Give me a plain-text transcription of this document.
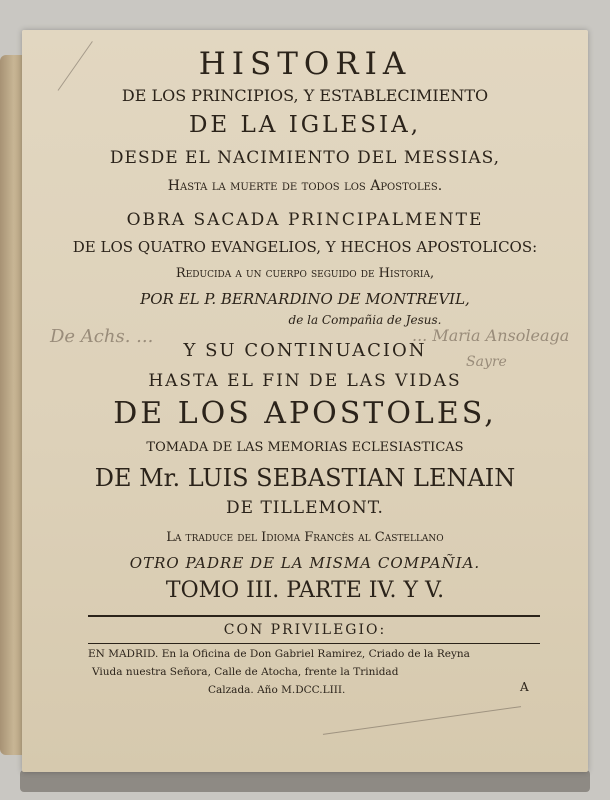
HISTORIA
DE LOS PRINCIPIOS, Y ESTABLECIMIENTO
DE LA IGLESIA,
DESDE EL NACIMIENTO DEL MESSIAS,
Hasta la muerte de todos los Apostoles.
OBRA SACADA PRINCIPALMENTE
DE LOS QUATRO EVANGELIOS, Y HECHOS APOSTOLICOS:
Reducida a un cuerpo seguido de Historia,
POR EL P. BERNARDINO DE MONTREVIL,
de la Compañia de Jesus.
Y SU CONTINUACION
HASTA EL FIN DE LAS VIDAS
DE LOS APOSTOLES,
TOMADA DE LAS MEMORIAS ECLESIASTICAS
DE Mr. LUIS SEBASTIAN LENAIN
DE TILLEMONT.
La traduce del Idioma Francès al Castellano
OTRO PADRE DE LA MISMA COMPAÑIA.
TOMO III. PARTE IV. Y V.
CON PRIVILEGIO:
EN MADRID. En la Oficina de Don Gabriel Ramirez, Criado de la Reyna
Viuda nuestra Señora, Calle de Atocha, frente la Trinidad
Calzada. Año M.DCC.LIII.	A
De Achs. ...	... Maria Ansoleaga
Sayre
